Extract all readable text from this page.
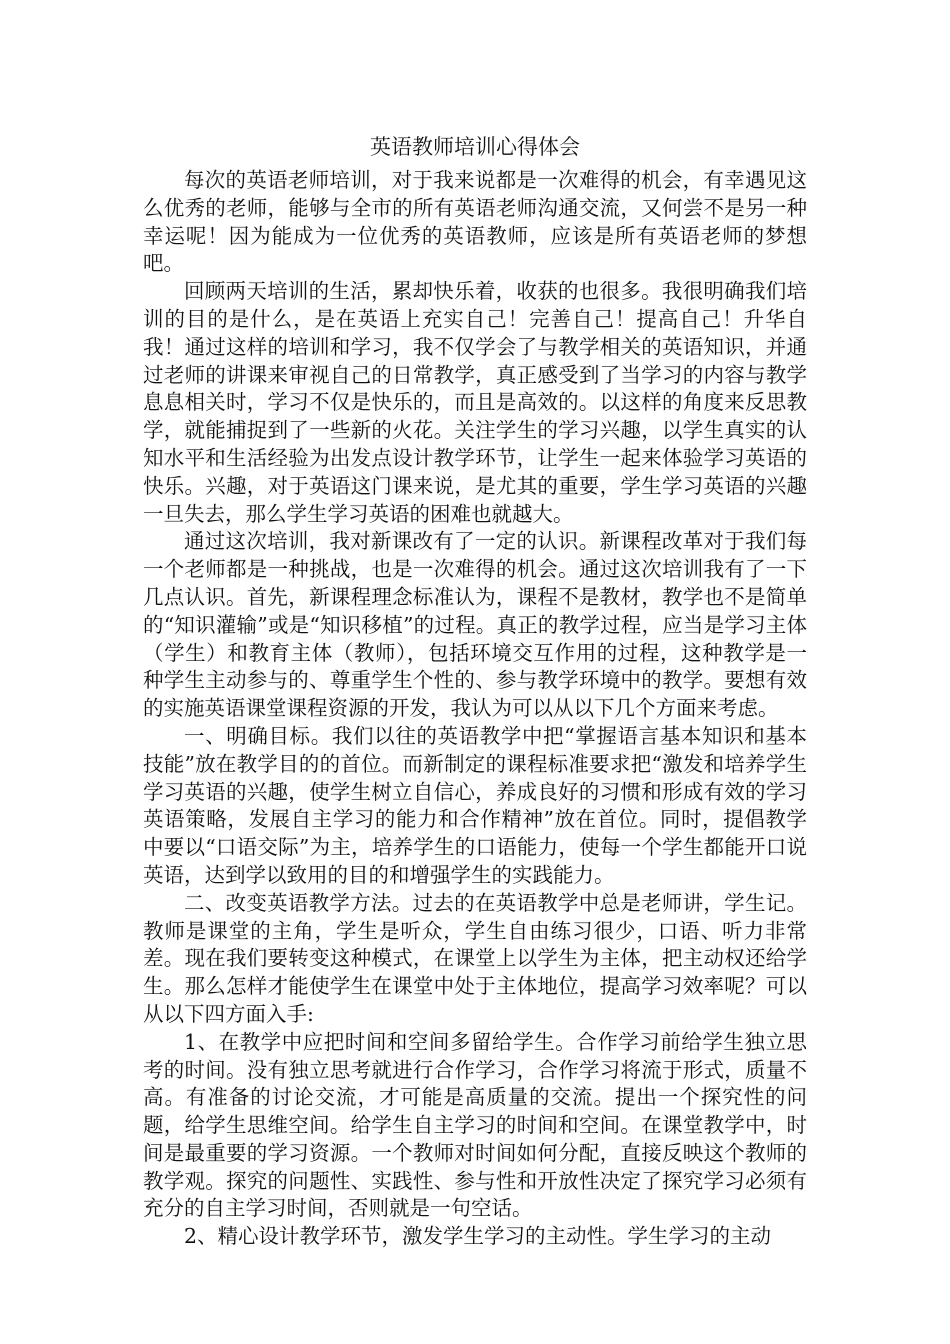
英语教师培训心得体会

每次的英语老师培训，对于我来说都是一次难得的机会，有幸遇见这么优秀的老师，能够与全市的所有英语老师沟通交流，又何尝不是另一种幸运呢！因为能成为一位优秀的英语教师，应该是所有英语老师的梦想吧。

回顾两天培训的生活，累却快乐着，收获的也很多。我很明确我们培训的目的是什么，是在英语上充实自己！完善自己！提高自己！升华自我！通过这样的培训和学习，我不仅学会了与教学相关的英语知识，并通过老师的讲课来审视自己的日常教学，真正感受到了当学习的内容与教学息息相关时，学习不仅是快乐的，而且是高效的。以这样的角度来反思教学，就能捕捉到了一些新的火花。关注学生的学习兴趣，以学生真实的认知水平和生活经验为出发点设计教学环节，让学生一起来体验学习英语的快乐。兴趣，对于英语这门课来说，是尤其的重要，学生学习英语的兴趣一旦失去，那么学生学习英语的困难也就越大。

通过这次培训，我对新课改有了一定的认识。新课程改革对于我们每一个老师都是一种挑战，也是一次难得的机会。通过这次培训我有了一下几点认识。首先，新课程理念标准认为，课程不是教材，教学也不是简单的“知识灌输”或是“知识移植”的过程。真正的教学过程，应当是学习主体（学生）和教育主体（教师），包括环境交互作用的过程，这种教学是一种学生主动参与的、尊重学生个性的、参与教学环境中的教学。要想有效的实施英语课堂课程资源的开发，我认为可以从以下几个方面来考虑。

一、明确目标。我们以往的英语教学中把“掌握语言基本知识和基本技能”放在教学目的的首位。而新制定的课程标准要求把“激发和培养学生学习英语的兴趣，使学生树立自信心，养成良好的习惯和形成有效的学习英语策略，发展自主学习的能力和合作精神”放在首位。同时，提倡教学中要以“口语交际”为主，培养学生的口语能力，使每一个学生都能开口说英语，达到学以致用的目的和增强学生的实践能力。

二、改变英语教学方法。过去的在英语教学中总是老师讲，学生记。教师是课堂的主角，学生是听众，学生自由练习很少，口语、听力非常差。现在我们要转变这种模式，在课堂上以学生为主体，把主动权还给学生。那么怎样才能使学生在课堂中处于主体地位，提高学习效率呢？可以从以下四方面入手:

1、在教学中应把时间和空间多留给学生。合作学习前给学生独立思考的时间。没有独立思考就进行合作学习，合作学习将流于形式，质量不高。有准备的讨论交流，才可能是高质量的交流。提出一个探究性的问题，给学生思维空间。给学生自主学习的时间和空间。在课堂教学中，时间是最重要的学习资源。一个教师对时间如何分配，直接反映这个教师的教学观。探究的问题性、实践性、参与性和开放性决定了探究学习必须有充分的自主学习时间，否则就是一句空话。

2、精心设计教学环节，激发学生学习的主动性。学生学习的主动
